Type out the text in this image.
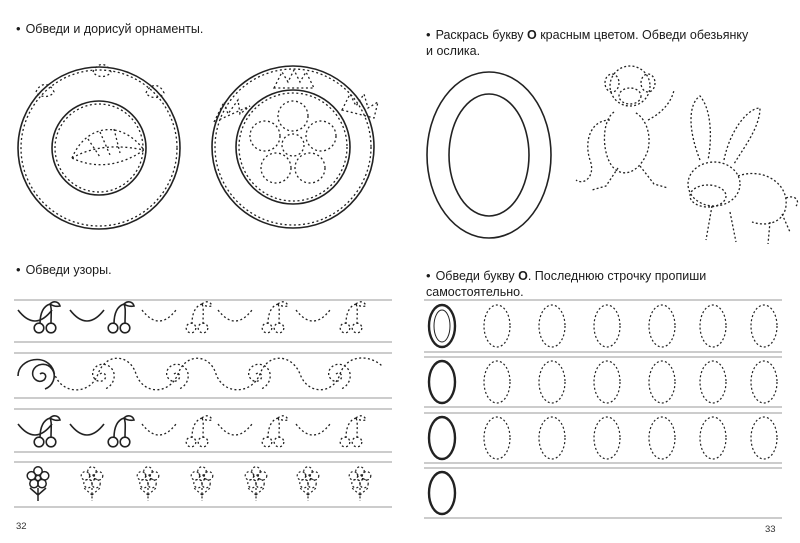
• Обведи и дорисуй орнаменты.
• Обведи узоры.
32
• Раскрась букву О красным цветом. Обведи обезьянку
и ослика.
• Обведи букву О. Последнюю строчку пропиши
самостоятельно.
33
